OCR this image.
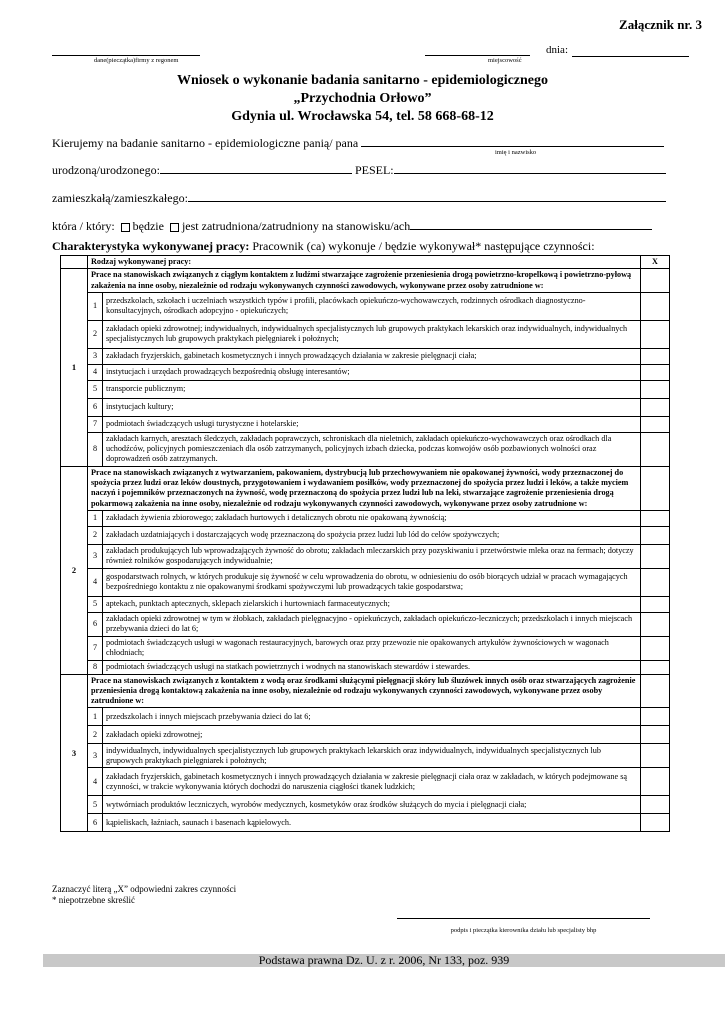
Załącznik nr. 3
dane(pieczątka)firmy z regonem	miejscowość
dnia:
Wniosek o wykonanie badania sanitarno - epidemiologicznego
„Przychodnia Orłowo”
Gdynia ul. Wrocławska 54, tel. 58 668-68-12
Kierujemy na badanie sanitarno - epidemiologiczne panią/ pana
imię i nazwisko
urodzoną/urodzonego:	PESEL:
zamieszkałą/zamieszkałego:
która / który: będzie jest zatrudniona/zatrudniony na stanowisku/ach
Charakterystyka wykonywanej pracy: Pracownik (ca) wykonuje / będzie wykonywał* następujące czynności:
	Rodzaj wykonywanej pracy:		X
1	Prace na stanowiskach związanych z ciągłym kontaktem z ludźmi stwarzające zagrożenie przeniesienia drogą powietrzno-kropelkową i powietrzno-pyłową zakażenia na inne osoby, niezależnie od rodzaju wykonywanych czynności zawodowych, wykonywane przez osoby zatrudnione w:		
	1	przedszkolach, szkołach i uczelniach wszystkich typów i profili, placówkach opiekuńczo-wychowawczych, rodzinnych ośrodkach diagnostyczno-konsultacyjnych, ośrodkach adopcyjno - opiekuńczych;	
	2	zakładach opieki zdrowotnej; indywidualnych, indywidualnych specjalistycznych lub grupowych praktykach lekarskich oraz indywidualnych, indywidualnych specjalistycznych lub grupowych praktykach pielęgniarek i położnych;	
	3	zakładach fryzjerskich, gabinetach kosmetycznych i innych prowadzących działania w zakresie pielęgnacji ciała;	
	4	instytucjach i urzędach prowadzących bezpośrednią obsługę interesantów;	
	5	transporcie publicznym;	
	6	instytucjach kultury;	
	7	podmiotach świadczących usługi turystyczne i hotelarskie;	
	8	zakładach karnych, aresztach śledczych, zakładach poprawczych, schroniskach dla nieletnich, zakładach opiekuńczo-wychowawczych oraz ośrodkach dla uchodźców, policyjnych pomieszczeniach dla osób zatrzymanych, policyjnych izbach dziecka, podczas konwojów osób pozbawionych wolności oraz doprowadzeń osób zatrzymanych.	
2	Prace na stanowiskach związanych z wytwarzaniem, pakowaniem, dystrybucją lub przechowywaniem nie opakowanej żywności, wody przeznaczonej do spożycia przez ludzi oraz leków doustnych, przygotowaniem i wydawaniem posiłków, wody przeznaczonej do spożycia przez ludzi i leków, a także myciem naczyń i pojemników przeznaczonych na żywność, wodę przeznaczoną do spożycia przez ludzi lub na leki, stwarzające zagrożenie przeniesienia drogą pokarmową zakażenia na inne osoby, niezależnie od rodzaju wykonywanych czynności zawodowych, wykonywane przez osoby zatrudnione w:		
	1	zakładach żywienia zbiorowego; zakładach hurtowych i detalicznych obrotu nie opakowaną żywnością;	
	2	zakładach uzdatniających i dostarczających wodę przeznaczoną do spożycia przez ludzi lub lód do celów spożywczych;	
	3	zakładach produkujących lub wprowadzających żywność do obrotu; zakładach mleczarskich przy pozyskiwaniu i przetwórstwie mleka oraz na fermach; dotyczy również rolników gospodarujących indywidualnie;	
	4	gospodarstwach rolnych, w których produkuje się żywność w celu wprowadzenia do obrotu, w odniesieniu do osób biorących udział w pracach wymagających bezpośredniego kontaktu z nie opakowanymi środkami spożywczymi lub prowadzących takie gospodarstwa;	
	5	aptekach, punktach aptecznych, sklepach zielarskich i hurtowniach farmaceutycznych;	
	6	zakładach opieki zdrowotnej w tym w żłobkach, zakładach pielęgnacyjno - opiekuńczych, zakładach opiekuńczo-leczniczych; przedszkolach i innych miejscach przebywania dzieci do lat 6;	
	7	podmiotach świadczących usługi w wagonach restauracyjnych, barowych oraz przy przewozie nie opakowanych artykułów żywnościowych w wagonach chłodniach;	
	8	podmiotach świadczących usługi na statkach powietrznych i wodnych na stanowiskach stewardów i stewardes.	
3	Prace na stanowiskach związanych z kontaktem z wodą oraz środkami służącymi pielęgnacji skóry lub śluzówek innych osób oraz stwarzających zagrożenie przeniesienia drogą kontaktową zakażenia na inne osoby, niezależnie od rodzaju wykonywanych czynności zawodowych, wykonywane przez osoby zatrudnione w:		
	1	przedszkolach i innych miejscach przebywania dzieci do lat 6;	
	2	zakładach opieki zdrowotnej;	
	3	indywidualnych, indywidualnych specjalistycznych lub grupowych praktykach lekarskich oraz indywidualnych, indywidualnych specjalistycznych lub grupowych praktykach pielęgniarek i położnych;	
	4	zakładach fryzjerskich, gabinetach kosmetycznych i innych prowadzących działania w zakresie pielęgnacji ciała oraz w zakładach, w których podejmowane są czynności, w trakcie wykonywania których dochodzi do naruszenia ciągłości tkanek ludzkich;	
	5	wytwórniach produktów leczniczych, wyrobów medycznych, kosmetyków oraz środków służących do mycia i pielęgnacji ciała;	
	6	kąpieliskach, łaźniach, saunach i basenach kąpielowych.	
Zaznaczyć literą „X” odpowiedni zakres czynności
* niepotrzebne skreślić
podpis i pieczątka kierownika działu lub specjalisty bhp
Podstawa prawna Dz. U. z r. 2006, Nr 133, poz. 939
